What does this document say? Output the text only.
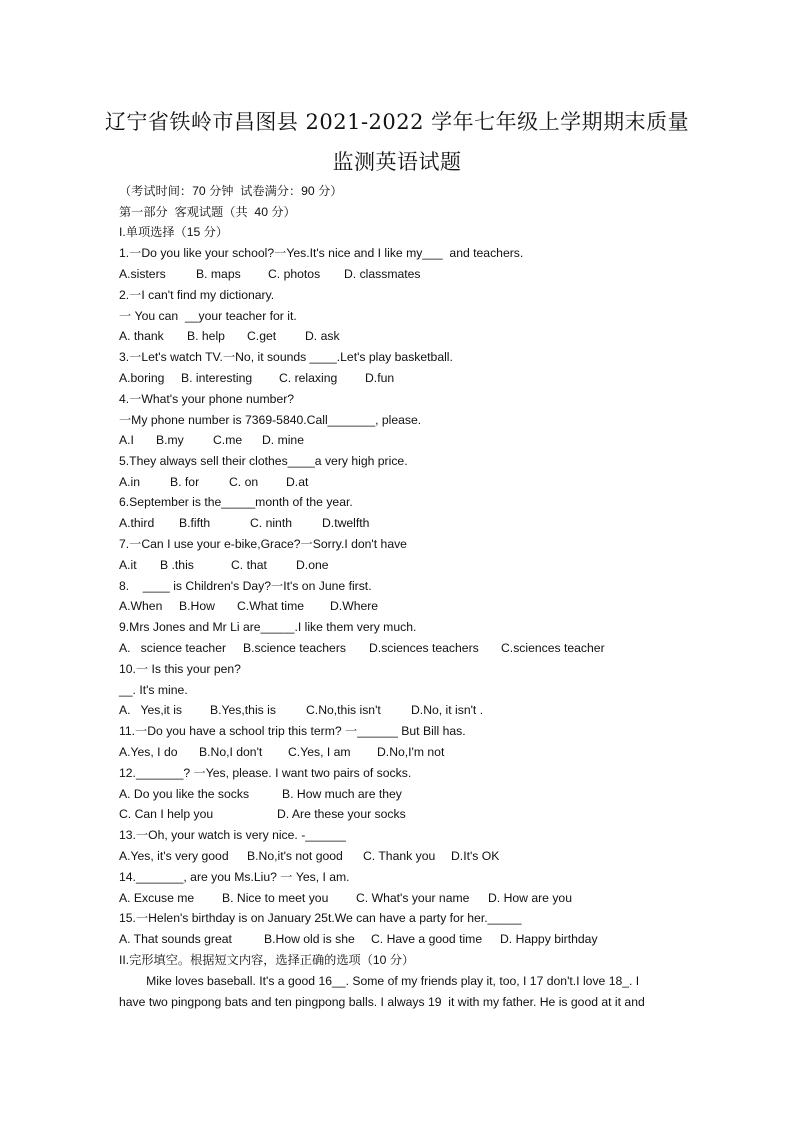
辽宁省铁岭市昌图县 2021-2022 学年七年级上学期期末质量
监测英语试题
（考试时间：70 分钟  试卷满分：90 分）
第一部分  客观试题（共  40 分）
I.单项选择（15 分）
1.一Do you like your school?一Yes.It's nice and I like my___  and teachers.

A.sisters

B. maps

C. photos

D. classmates

2.一I can't find my dictionary.
一 You can  __your teacher for it.

A. thank

B. help

C.get

D. ask

3.一Let's watch TV.一No, it sounds ____.Let's play basketball.

A.boring

B. interesting

C. relaxing

D.fun

4.一What's your phone number?
一My phone number is 7369-5840.Call_______, please.

A.I

B.my

C.me

D. mine

5.They always sell their clothes____a very high price.

A.in

B. for

C. on

D.at

6.September is the_____month of the year.

A.third

B.fifth

	C. ninth

D.twelfth

7.一Can I use your e-bike,Grace?一Sorry.I don't have

A.it

B .this

	C. that

D.one

8.    ____ is Children's Day?一It's on June first.

A.When

B.How

C.What time

D.Where

9.Mrs Jones and Mr Li are_____.I like them very much.

A.   science teacher

B.science teachers

D.sciences teachers

C.sciences teacher

10.一 Is this your pen?
__. It's mine.

A.   Yes,it is

B.Yes,this is

C.No,this isn't

D.No, it isn't .

11.一Do you have a school trip this term? 一______ But Bill has.

A.Yes, I do

B.No,I don't

C.Yes, I am

D.No,I'm not

12._______? 一Yes, please. I want two pairs of socks.

A. Do you like the socks

	B. How much are they

C. Can I help you

	D. Are these your socks

13.一Oh, your watch is very nice. -______

A.Yes, it's very good

B.No,it's not good

C. Thank you

D.It's OK

14._______, are you Ms.Liu? 一 Yes, I am.

A. Excuse me

B. Nice to meet you

C. What's your name

D. How are you

15.一Helen's birthday is on January 25t.We can have a party for her._____

A. That sounds great

	B.How old is she

C. Have a good time

D. Happy birthday

II.完形填空。根据短文内容，选择正确的选项（10 分）
Mike loves baseball. It's a good 16__. Some of my friends play it, too, I 17 don't.I love 18_. I
have two pingpong bats and ten pingpong balls. I always 19  it with my father. He is good at it and
